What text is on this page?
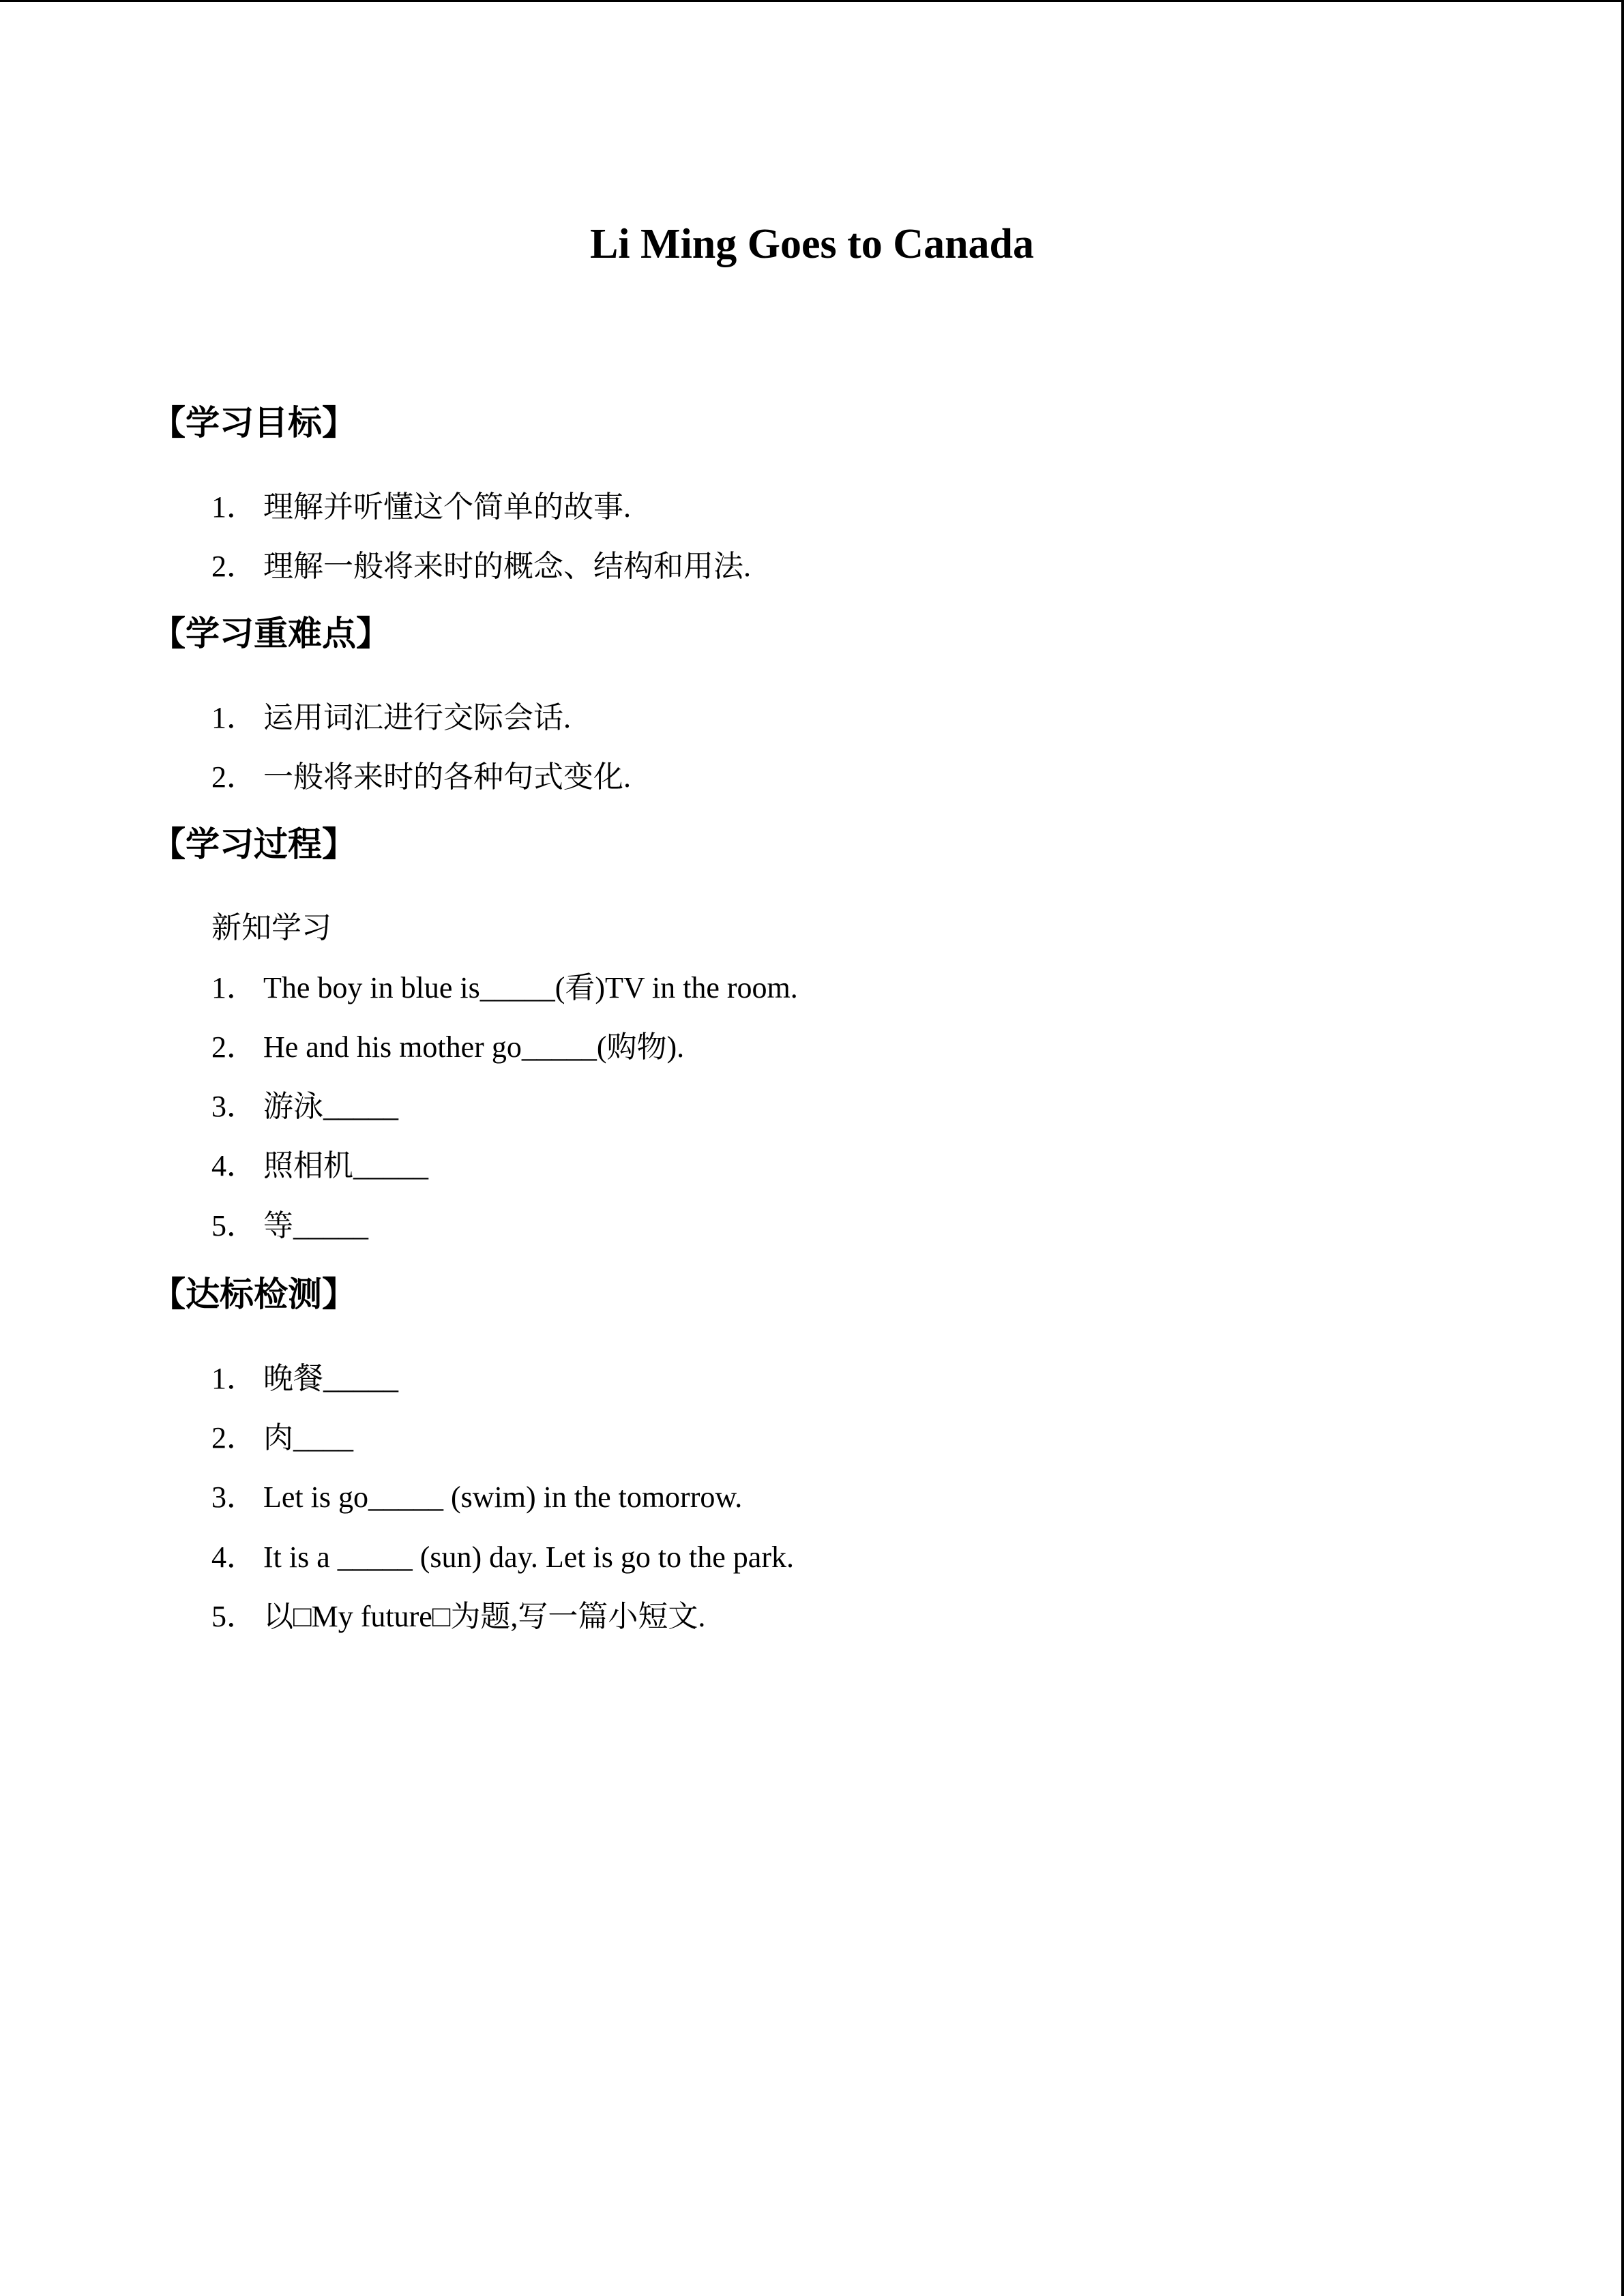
Li Ming Goes to Canada
【学习目标】
1． 理解并听懂这个简单的故事.
2． 理解一般将来时的概念、结构和用法.
【学习重难点】
1． 运用词汇进行交际会话.
2． 一般将来时的各种句式变化.
【学习过程】
新知学习
1． The boy in blue is_____(看)TV in the room.
2． He and his mother go_____(购物).
3． 游泳_____
4． 照相机_____
5． 等_____
【达标检测】
1． 晚餐_____
2． 肉____
3． Let is go_____ (swim) in the tomorrow.
4． It is a _____ (sun) day. Let is go to the park.
5． 以□My future□为题,写一篇小短文.
